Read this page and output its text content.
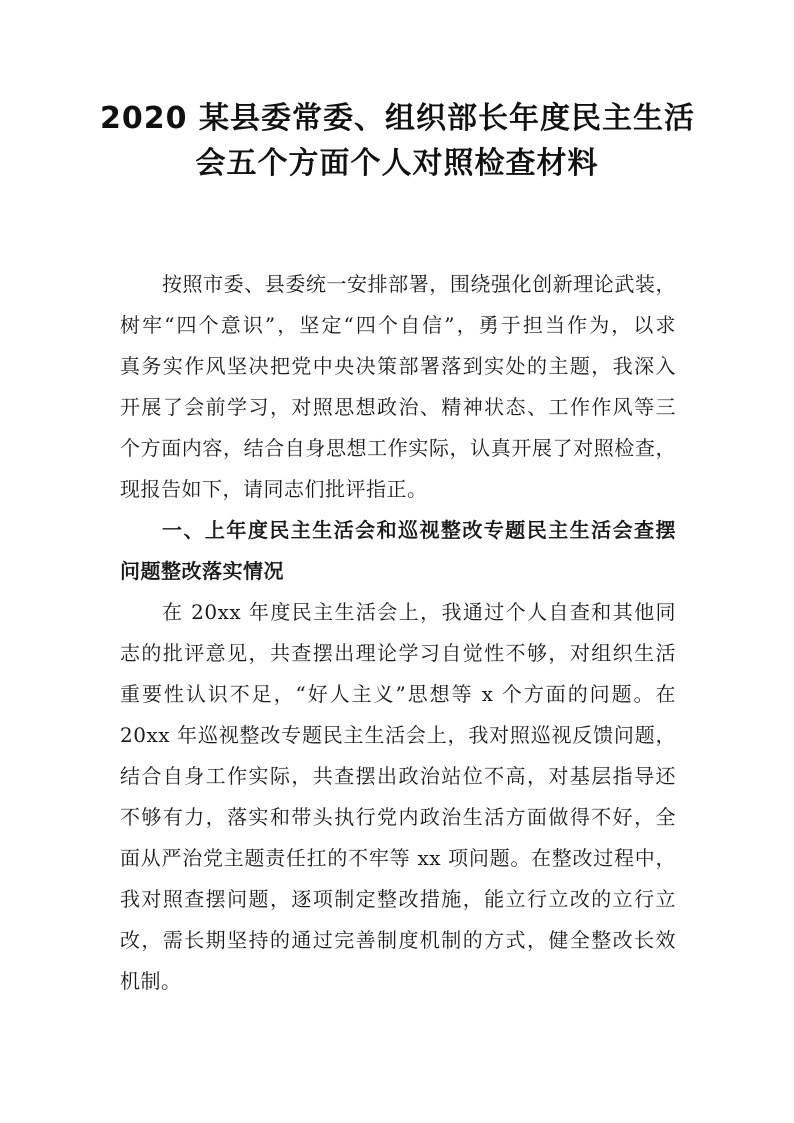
2020 某县委常委、组织部长年度民主生活
会五个方面个人对照检查材料
按照市委、县委统一安排部署，围绕强化创新理论武装，
树牢“四个意识”，坚定“四个自信”，勇于担当作为，以求
真务实作风坚决把党中央决策部署落到实处的主题，我深入
开展了会前学习，对照思想政治、精神状态、工作作风等三
个方面内容，结合自身思想工作实际，认真开展了对照检查，
现报告如下，请同志们批评指正。
一、上年度民主生活会和巡视整改专题民主生活会查摆
问题整改落实情况
在 20xx 年度民主生活会上，我通过个人自查和其他同
志的批评意见，共查摆出理论学习自觉性不够，对组织生活
重要性认识不足，“好人主义”思想等 x 个方面的问题。在
20xx 年巡视整改专题民主生活会上，我对照巡视反馈问题，
结合自身工作实际，共查摆出政治站位不高，对基层指导还
不够有力，落实和带头执行党内政治生活方面做得不好，全
面从严治党主题责任扛的不牢等 xx 项问题。在整改过程中，
我对照查摆问题，逐项制定整改措施，能立行立改的立行立
改，需长期坚持的通过完善制度机制的方式，健全整改长效
机制。
